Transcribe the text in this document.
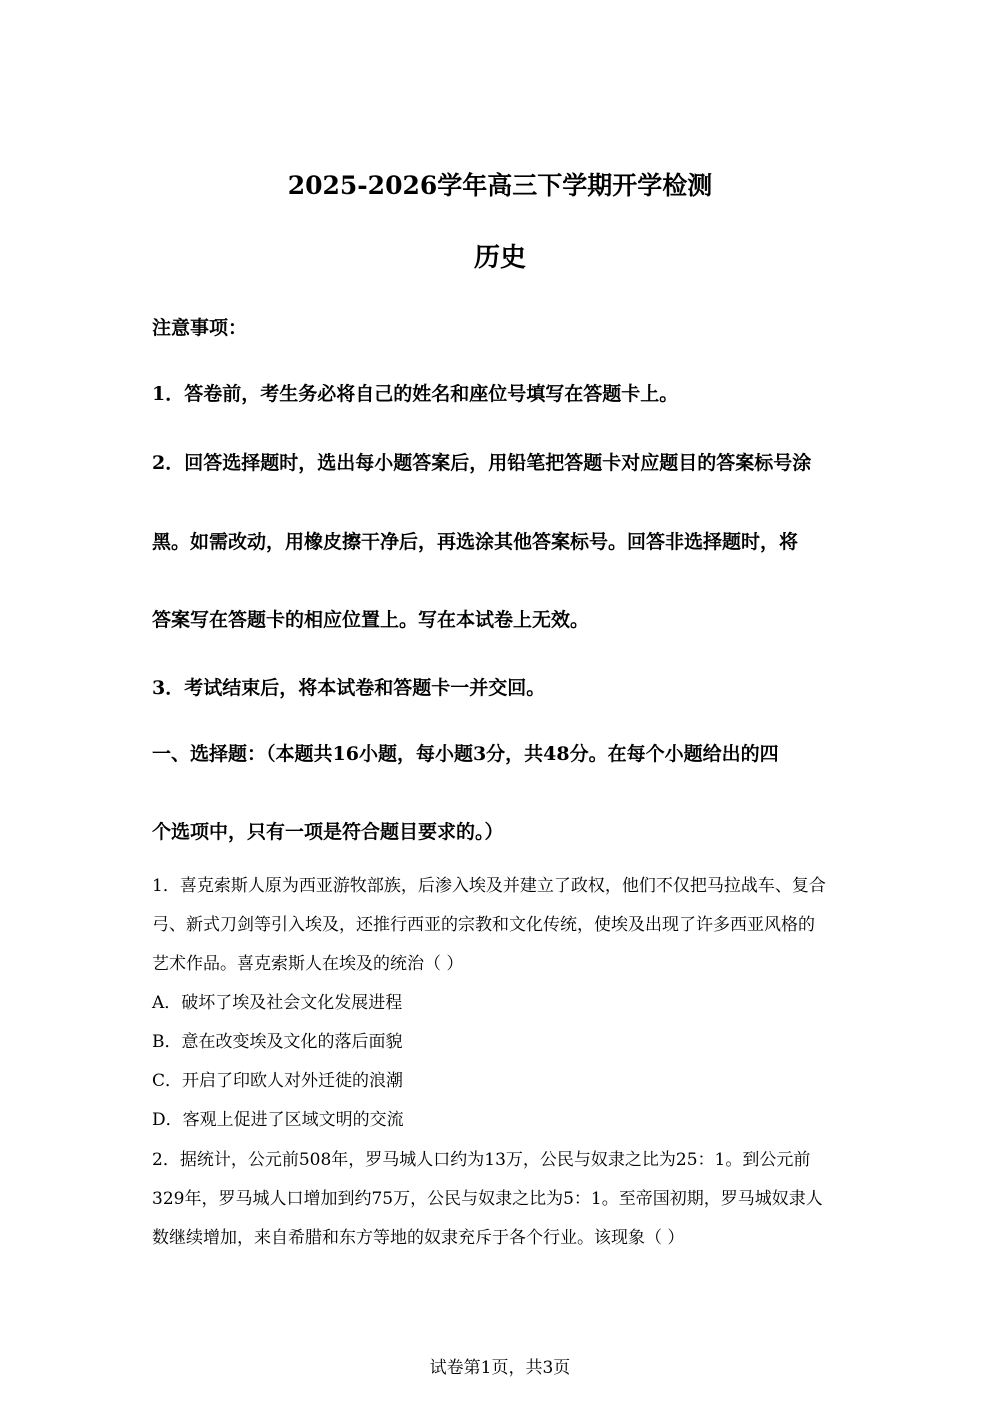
2025-2026学年高三下学期开学检测
历史
注意事项：
1．答卷前，考生务必将自己的姓名和座位号填写在答题卡上。
2．回答选择题时，选出每小题答案后，用铅笔把答题卡对应题目的答案标号涂
黑。如需改动，用橡皮擦干净后，再选涂其他答案标号。回答非选择题时，将
答案写在答题卡的相应位置上。写在本试卷上无效。
3．考试结束后，将本试卷和答题卡一并交回。
一、选择题：（本题共16小题，每小题3分，共48分。在每个小题给出的四
个选项中，只有一项是符合题目要求的。）
1．喜克索斯人原为西亚游牧部族，后渗入埃及并建立了政权，他们不仅把马拉战车、复合
弓、新式刀剑等引入埃及，还推行西亚的宗教和文化传统，使埃及出现了许多西亚风格的
艺术作品。喜克索斯人在埃及的统治（ ）
A．破坏了埃及社会文化发展进程
B．意在改变埃及文化的落后面貌
C．开启了印欧人对外迁徙的浪潮
D．客观上促进了区域文明的交流
2．据统计，公元前508年，罗马城人口约为13万，公民与奴隶之比为25：1。到公元前
329年，罗马城人口增加到约75万，公民与奴隶之比为5：1。至帝国初期，罗马城奴隶人
数继续增加，来自希腊和东方等地的奴隶充斥于各个行业。该现象（ ）
试卷第1页，共3页
